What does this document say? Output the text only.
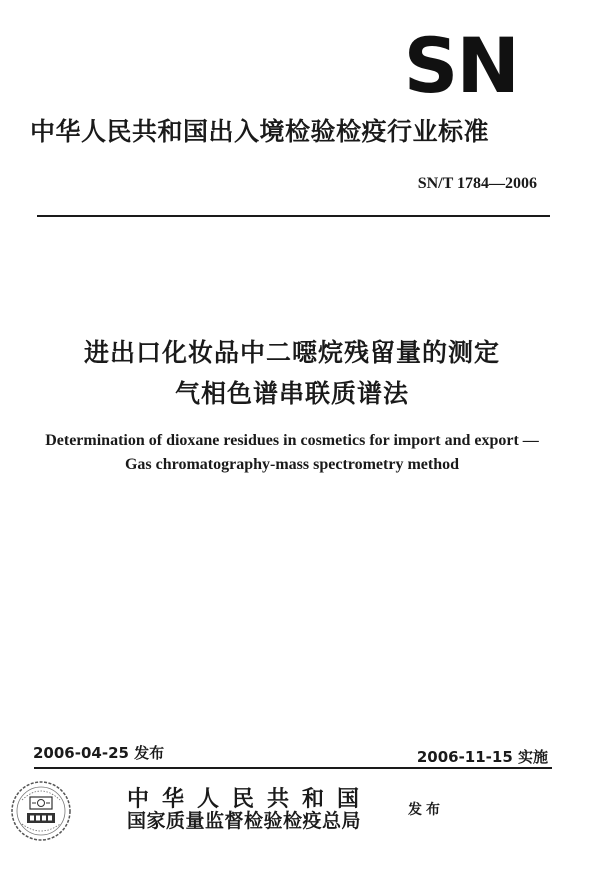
SN
中华人民共和国出入境检验检疫行业标准
SN/T 1784—2006
进出口化妆品中二噁烷残留量的测定
气相色谱串联质谱法
Determination of dioxane residues in cosmetics for import and export —
Gas chromatography-mass spectrometry method
2006-04-25 发布	2006-11-15 实施
中华人民共和国
国家质量监督检验检疫总局	发布
